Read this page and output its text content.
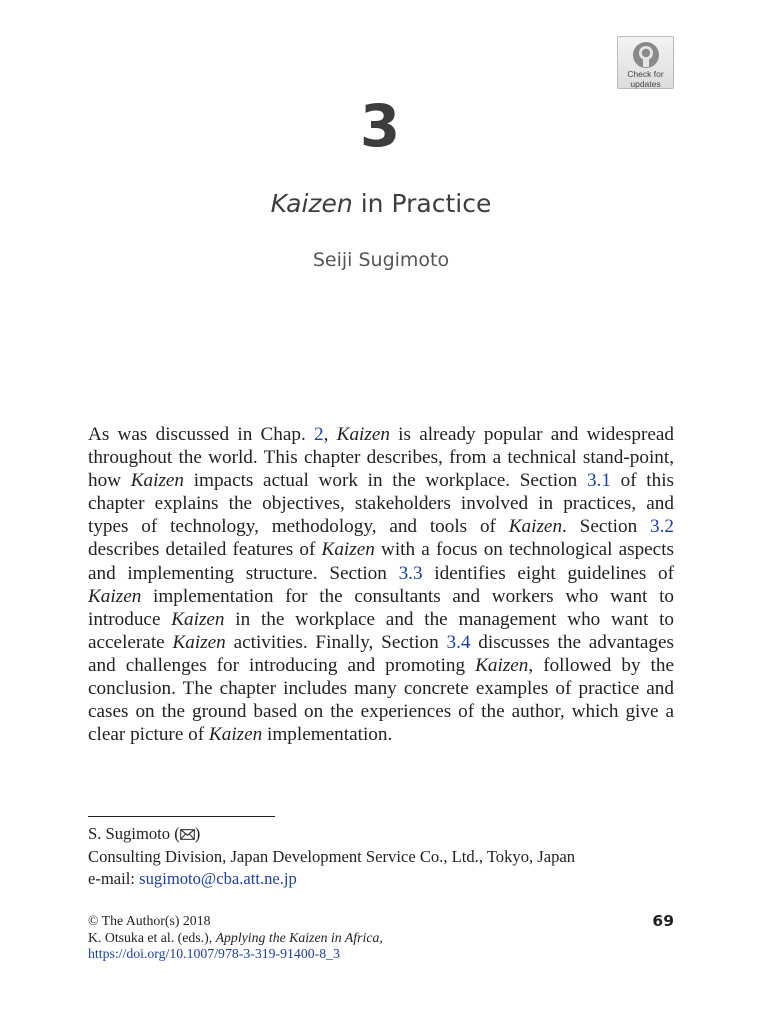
Check for
updates
3
Kaizen in Practice
Seiji Sugimoto

As was discussed in Chap. 2, Kaizen is already popular and widespread throughout the world. This chapter describes, from a technical stand-point, how Kaizen impacts actual work in the workplace. Section 3.1 of this chapter explains the objectives, stakeholders involved in practices, and types of technology, methodology, and tools of Kaizen. Section 3.2 describes detailed features of Kaizen with a focus on technological aspects and implementing structure. Section 3.3 identifies eight guidelines of Kaizen implementation for the consultants and workers who want to introduce Kaizen in the workplace and the management who want to accelerate Kaizen activities. Finally, Section 3.4 discusses the advantages and challenges for introducing and promoting Kaizen, followed by the conclusion. The chapter includes many concrete examples of practice and cases on the ground based on the experiences of the author, which give a clear picture of Kaizen implementation.

S. Sugimoto ( )
Consulting Division, Japan Development Service Co., Ltd., Tokyo, Japan
e-mail: sugimoto@cba.att.ne.jp
© The Author(s) 2018
K. Otsuka et al. (eds.), Applying the Kaizen in Africa,
https://doi.org/10.1007/978-3-319-91400-8_3
69
